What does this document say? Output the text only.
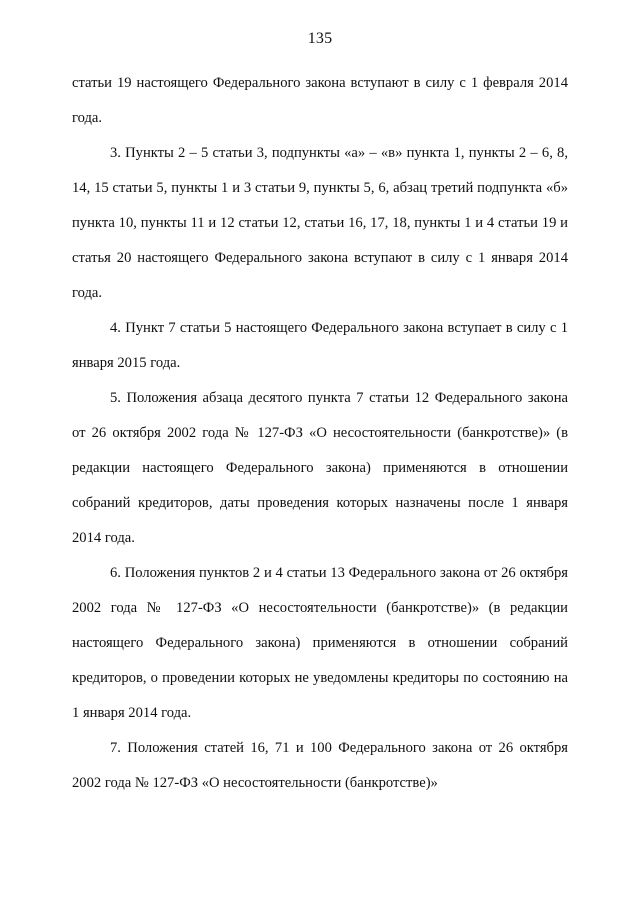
135

статьи 19 настоящего Федерального закона вступают в силу с 1 февраля 2014 года.

3. Пункты 2 – 5 статьи 3, подпункты «а» – «в» пункта 1, пункты 2 – 6, 8, 14, 15 статьи 5, пункты 1 и 3 статьи 9, пункты 5, 6, абзац третий подпункта «б» пункта 10, пункты 11 и 12 статьи 12, статьи 16, 17, 18, пункты 1 и 4 статьи 19 и статья 20 настоящего Федерального закона вступают в силу с 1 января 2014 года.

4. Пункт 7 статьи 5 настоящего Федерального закона вступает в силу с 1 января 2015 года.

5. Положения абзаца десятого пункта 7 статьи 12 Федерального закона от 26 октября 2002 года № 127-ФЗ «О несостоятельности (банкротстве)» (в редакции настоящего Федерального закона) применяются в отношении собраний кредиторов, даты проведения которых назначены после 1 января 2014 года.

6. Положения пунктов 2 и 4 статьи 13 Федерального закона от 26 октября 2002 года № 127-ФЗ «О несостоятельности (банкротстве)» (в редакции настоящего Федерального закона) применяются в отношении собраний кредиторов, о проведении которых не уведомлены кредиторы по состоянию на 1 января 2014 года.

7. Положения статей 16, 71 и 100 Федерального закона от 26 октября 2002 года № 127-ФЗ «О несостоятельности (банкротстве)»
